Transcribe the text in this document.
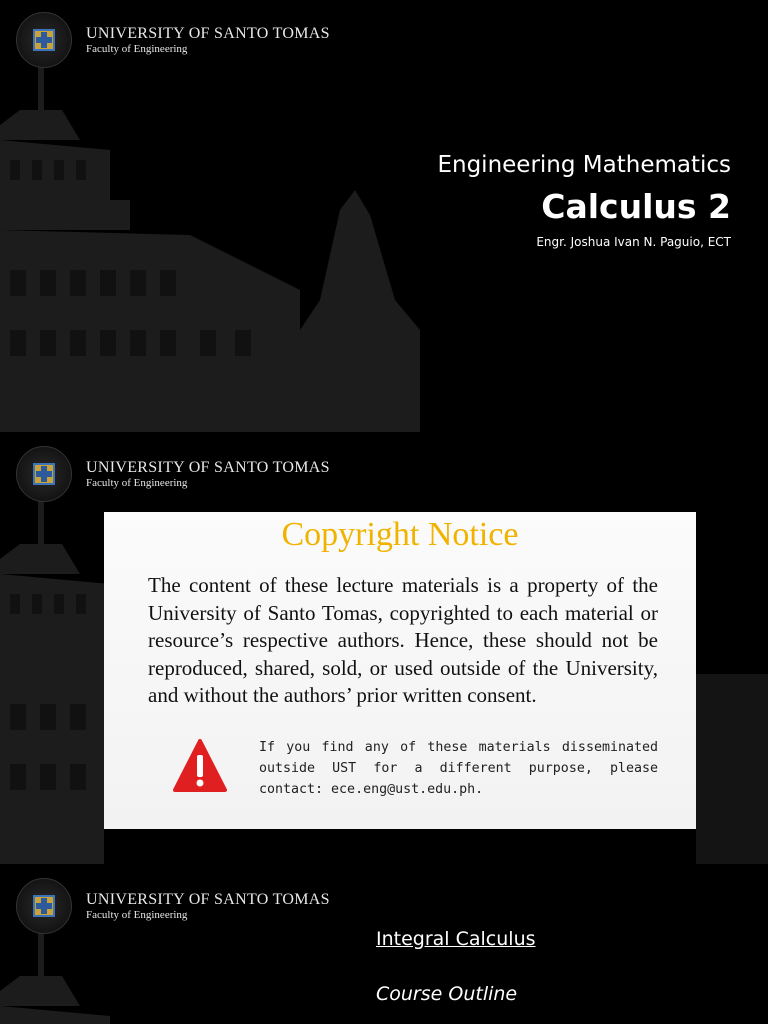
UNIVERSITY OF SANTO TOMAS
Faculty of Engineering
Engineering Mathematics
Calculus 2
Engr. Joshua Ivan N. Paguio, ECT
UNIVERSITY OF SANTO TOMAS
Faculty of Engineering
Copyright Notice
The content of these lecture materials is a property of the University of Santo Tomas, copyrighted to each material or resource’s respective authors. Hence, these should not be reproduced, shared, sold, or used outside of the University, and without the authors’ prior written consent.
If you find any of these materials disseminated outside UST for a different purpose, please contact: ece.eng@ust.edu.ph.
UNIVERSITY OF SANTO TOMAS
Faculty of Engineering
Integral Calculus
Course Outline
